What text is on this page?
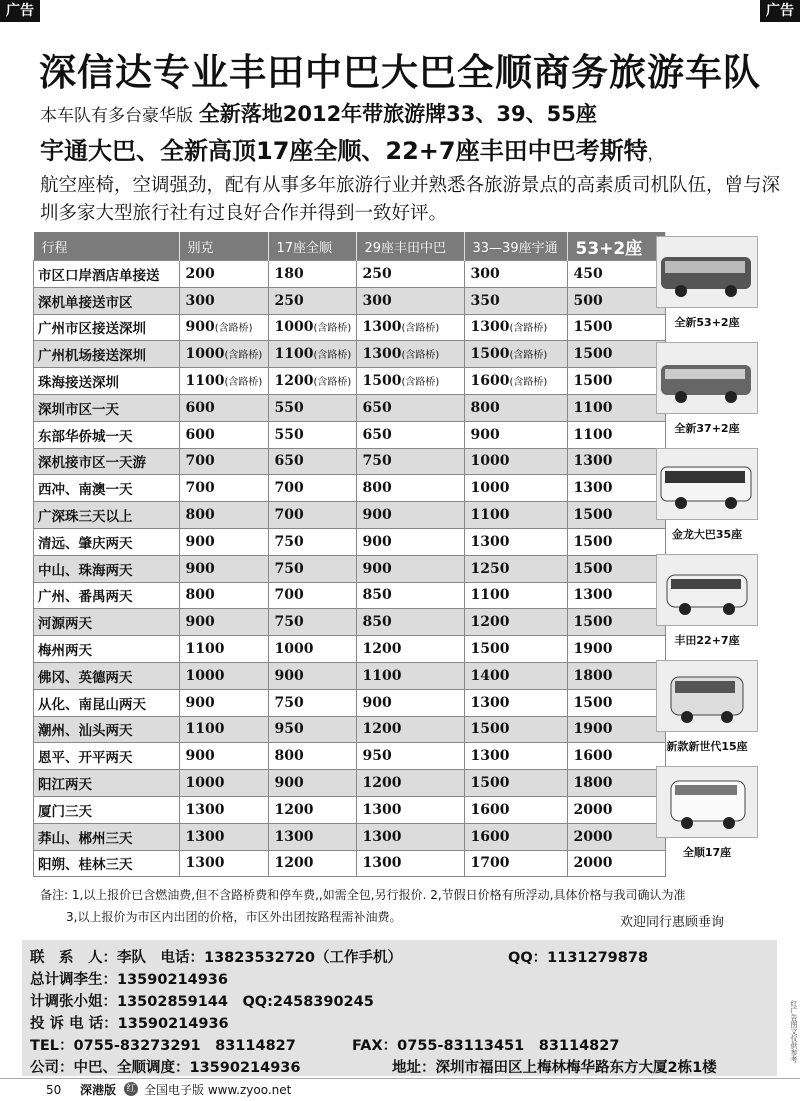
广告	广告
深信达专业丰田中巴大巴全顺商务旅游车队
本车队有多台豪华版 全新落地2012年带旅游牌33、39、55座
宇通大巴、全新高顶17座全顺、22+7座丰田中巴考斯特，
航空座椅，空调强劲，配有从事多年旅游行业并熟悉各旅游景点的高素质司机队伍，曾与深圳多家大型旅行社有过良好合作并得到一致好评。
行程	别克	17座全顺	29座丰田中巴	33—39座宇通	53+2座
市区口岸酒店单接送	200	180	250	300	450
深机单接送市区	300	250	300	350	500
广州市区接送深圳	900(含路桥)	1000(含路桥)	1300(含路桥)	1300(含路桥)	1500
广州机场接送深圳	1000(含路桥)	1100(含路桥)	1300(含路桥)	1500(含路桥)	1500
珠海接送深圳	1100(含路桥)	1200(含路桥)	1500(含路桥)	1600(含路桥)	1500
深圳市区一天	600	550	650	800	1100
东部华侨城一天	600	550	650	900	1100
深机接市区一天游	700	650	750	1000	1300
西冲、南澳一天	700	700	800	1000	1300
广深珠三天以上	800	700	900	1100	1500
清远、肇庆两天	900	750	900	1300	1500
中山、珠海两天	900	750	900	1250	1500
广州、番禺两天	800	700	850	1100	1300
河源两天	900	750	850	1200	1500
梅州两天	1100	1000	1200	1500	1900
佛冈、英德两天	1000	900	1100	1400	1800
从化、南昆山两天	900	750	900	1300	1500
潮州、汕头两天	1100	950	1200	1500	1900
恩平、开平两天	900	800	950	1300	1600
阳江两天	1000	900	1200	1500	1800
厦门三天	1300	1200	1300	1600	2000
莽山、郴州三天	1300	1300	1300	1600	2000
阳朔、桂林三天	1300	1200	1300	1700	2000
全新53+2座
全新37+2座
金龙大巴35座
丰田22+7座
新款新世代15座
全顺17座
备注: 1,以上报价已含燃油费,但不含路桥费和停车费,,如需全包,另行报价. 2,节假日价格有所浮动,具体价格与我司确认为准
3,以上报价为市区内出团的价格，市区外出团按路程需补油费。	欢迎同行惠顾垂询
联　系　人：李队　电话：13823532720（工作手机）	QQ：1131279878
总计调李生：13590214936
计调张小姐：13502859144　QQ:2458390245
投 诉 电 话：13590214936
TEL：0755-83273291　83114827	FAX：0755-83113451　83114827
公司：中巴、全顺调度：13590214936	地址：深圳市福田区上梅林梅华路东方大厦2栋1楼
红广告图文仅供参考
50 深港版 红 全国电子版 www.zyoo.net
